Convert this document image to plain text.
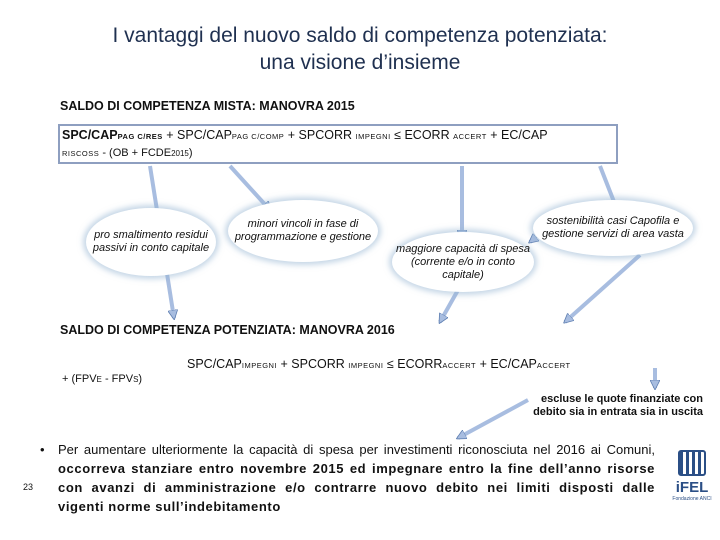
I vantaggi del nuovo saldo di competenza potenziata:
una visione d’insieme
SALDO DI COMPETENZA MISTA: MANOVRA 2015
SPC/CAPPAG C/RES + SPC/CAPPAG C/COMP + SPCORR IMPEGNI ≤ ECORR ACCERT + EC/CAP
RISCOSS - (OB + FCDE2015)
pro smaltimento residui passivi in conto capitale
minori vincoli in fase di programmazione e gestione
maggiore capacità di spesa (corrente e/o in conto capitale)
sostenibilità casi Capofila e gestione servizi di area vasta
SALDO DI COMPETENZA POTENZIATA: MANOVRA 2016
SPC/CAPIMPEGNI + SPCORR IMPEGNI ≤ ECORRACCERT + EC/CAPACCERT
+ (FPVE - FPVS)
escluse le quote finanziate con debito sia in entrata sia in uscita
• Per aumentare ulteriormente la capacità di spesa per investimenti riconosciuta nel 2016 ai Comuni, occorreva stanziare entro novembre 2015 ed impegnare entro la fine dell’anno risorse con avanzi di amministrazione e/o contrarre nuovo debito nei limiti disposti dalle vigenti norme sull’indebitamento
23	iFEL
Fondazione ANCI
